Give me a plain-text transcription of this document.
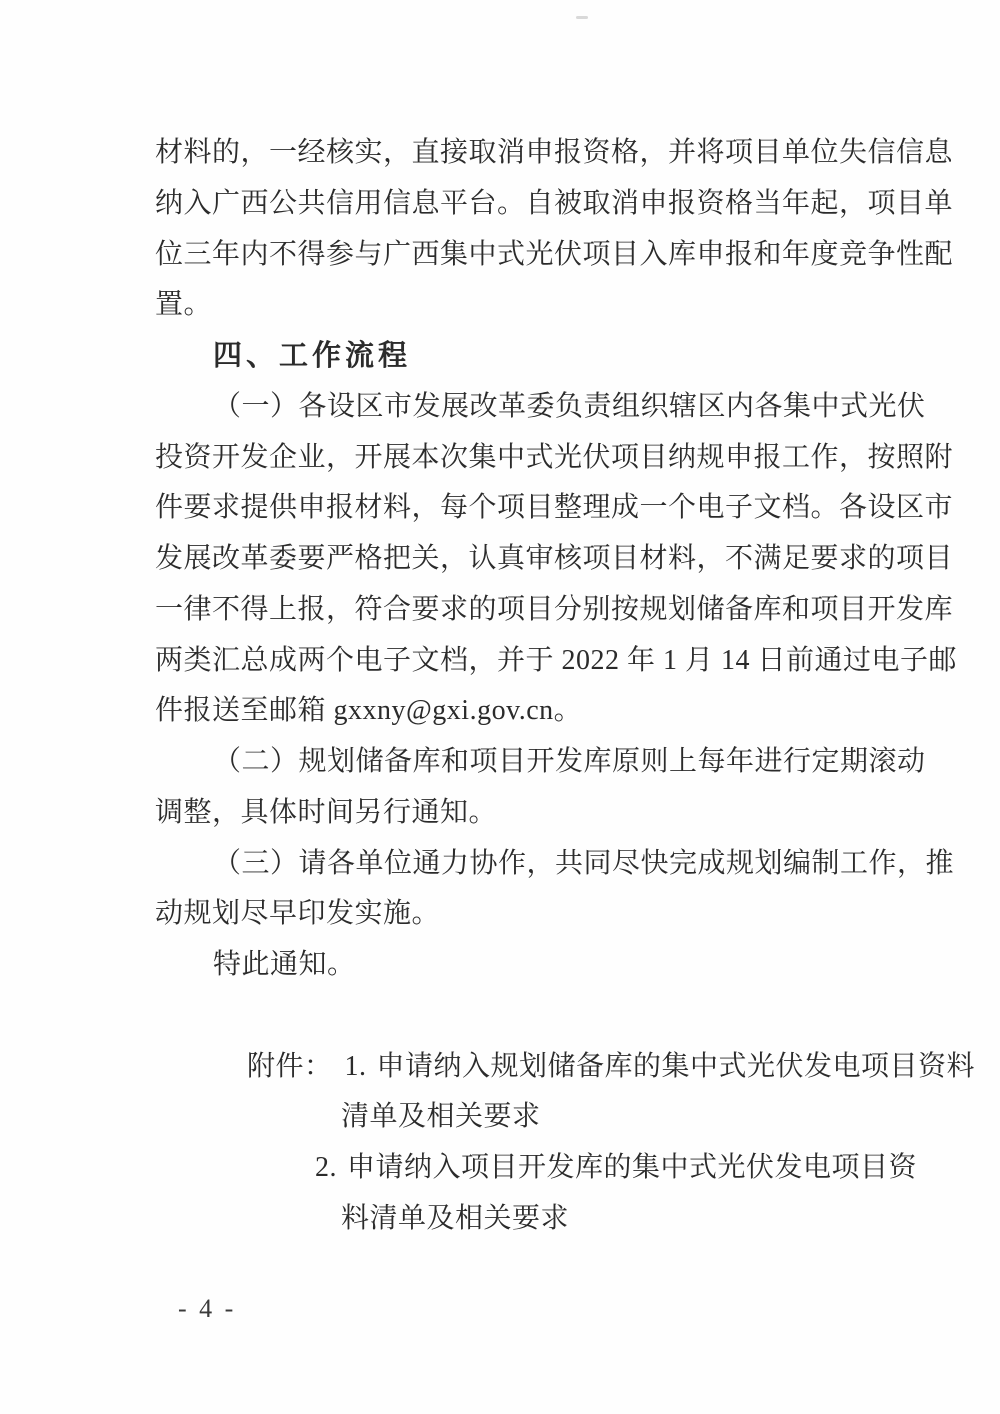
材料的，一经核实，直接取消申报资格，并将项目单位失信信息

纳入广西公共信用信息平台。自被取消申报资格当年起，项目单

位三年内不得参与广西集中式光伏项目入库申报和年度竞争性配

置。

四、工作流程

（一）各设区市发展改革委负责组织辖区内各集中式光伏

投资开发企业，开展本次集中式光伏项目纳规申报工作，按照附

件要求提供申报材料，每个项目整理成一个电子文档。各设区市

发展改革委要严格把关，认真审核项目材料，不满足要求的项目

一律不得上报，符合要求的项目分别按规划储备库和项目开发库

两类汇总成两个电子文档，并于 2022 年 1 月 14 日前通过电子邮

件报送至邮箱 gxxny@gxi.gov.cn。

（二）规划储备库和项目开发库原则上每年进行定期滚动

调整，具体时间另行通知。

（三）请各单位通力协作，共同尽快完成规划编制工作，推

动规划尽早印发实施。

特此通知。

附件： 1. 申请纳入规划储备库的集中式光伏发电项目资料

清单及相关要求

2. 申请纳入项目开发库的集中式光伏发电项目资

料清单及相关要求

- 4 -
